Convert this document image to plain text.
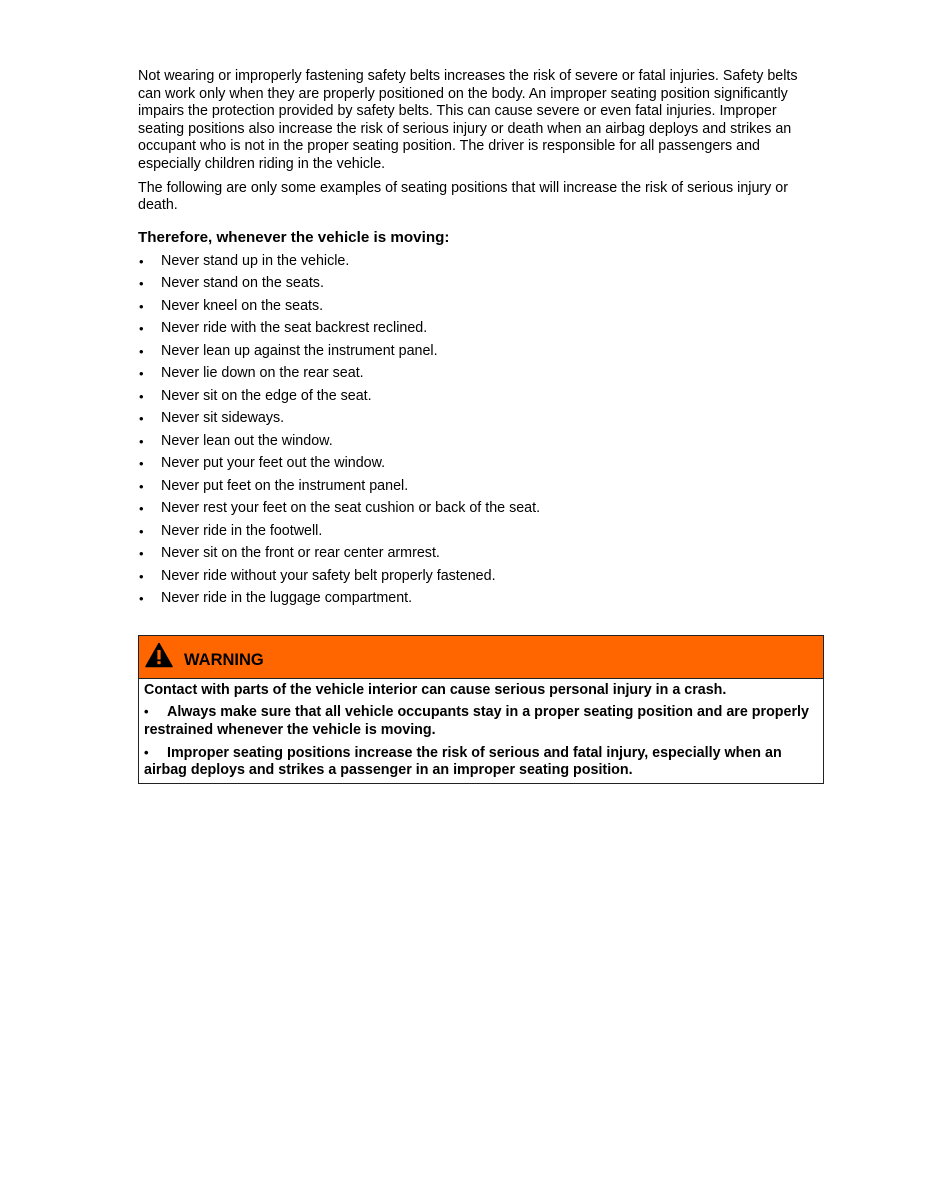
Not wearing or improperly fastening safety belts increases the risk of severe or fatal injuries. Safety belts can work only when they are properly positioned on the body. An improper seating position significantly impairs the protection provided by safety belts. This can cause severe or even fatal injuries. Improper seating positions also increase the risk of serious injury or death when an airbag deploys and strikes an occupant who is not in the proper seating position. The driver is responsible for all passengers and especially children riding in the vehicle.

The following are only some examples of seating positions that will increase the risk of serious injury or death.

Therefore, whenever the vehicle is moving:
• Never stand up in the vehicle.
• Never stand on the seats.
• Never kneel on the seats.
• Never ride with the seat backrest reclined.
• Never lean up against the instrument panel.
• Never lie down on the rear seat.
• Never sit on the edge of the seat.
• Never sit sideways.
• Never lean out the window.
• Never put your feet out the window.
• Never put feet on the instrument panel.
• Never rest your feet on the seat cushion or back of the seat.
• Never ride in the footwell.
• Never sit on the front or rear center armrest.
• Never ride without your safety belt properly fastened.
• Never ride in the luggage compartment.
WARNING

Contact with parts of the vehicle interior can cause serious personal injury in a crash.

• Always make sure that all vehicle occupants stay in a proper seating position and are properly restrained whenever the vehicle is moving.

• Improper seating positions increase the risk of serious and fatal injury, especially when an airbag deploys and strikes a passenger in an improper seating position.
